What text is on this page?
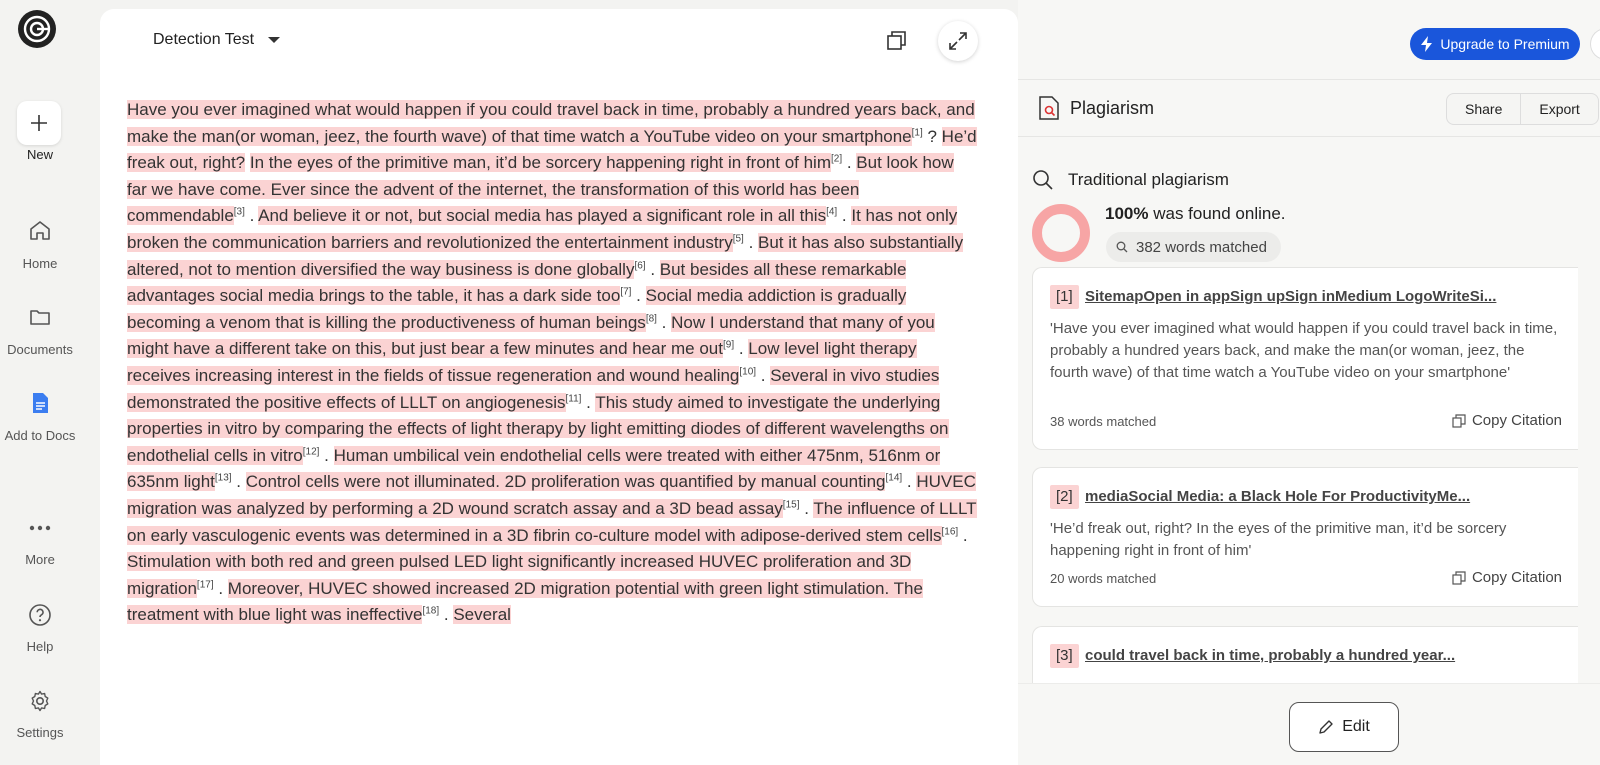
New
Home
Documents
Add to Docs
More
Help
Settings
Detection Test
Have you ever imagined what would happen if you could travel back in time, probably a hundred years back, and make the man(or woman, jeez, the fourth wave) of that time watch a YouTube video on your smartphone[1] ? He’d freak out, right? In the eyes of the primitive man, it’d be sorcery happening right in front of him[2] . But look how far we have come. Ever since the advent of the internet, the transformation of this world has been commendable[3] . And believe it or not, but social media has played a significant role in all this[4] . It has not only broken the communication barriers and revolutionized the entertainment industry[5] . But it has also substantially altered, not to mention diversified the way business is done globally[6] . But besides all these remarkable advantages social media brings to the table, it has a dark side too[7] . Social media addiction is gradually becoming a venom that is killing the productiveness of human beings[8] . Now I understand that many of you might have a different take on this, but just bear a few minutes and hear me out[9] . Low level light therapy receives increasing interest in the fields of tissue regeneration and wound healing[10] . Several in vivo studies demonstrated the positive effects of LLLT on angiogenesis[11] . This study aimed to investigate the underlying properties in vitro by comparing the effects of light therapy by light emitting diodes of different wavelengths on endothelial cells in vitro[12] . Human umbilical vein endothelial cells were treated with either 475nm, 516nm or 635nm light[13] . Control cells were not illuminated. 2D proliferation was quantified by manual counting[14] . HUVEC migration was analyzed by performing a 2D wound scratch assay and a 3D bead assay[15] . The influence of LLLT on early vasculogenic events was determined in a 3D fibrin co-culture model with adipose-derived stem cells[16] . Stimulation with both red and green pulsed LED light significantly increased HUVEC proliferation and 3D migration[17] . Moreover, HUVEC showed increased 2D migration potential with green light stimulation. The treatment with blue light was ineffective[18] . Several
Upgrade to Premium
Plagiarism	Share	Export
Traditional plagiarism
100% was found online.
382 words matched
[1] SitemapOpen in appSign upSign inMedium LogoWriteSi...
'Have you ever imagined what would happen if you could travel back in time, probably a hundred years back, and make the man(or woman, jeez, the fourth wave) of that time watch a YouTube video on your smartphone'
38 words matched	Copy Citation
[2] mediaSocial Media: a Black Hole For ProductivityMe...
'He’d freak out, right? In the eyes of the primitive man, it’d be sorcery happening right in front of him'
20 words matched	Copy Citation
[3] could travel back in time, probably a hundred year...
Edit
